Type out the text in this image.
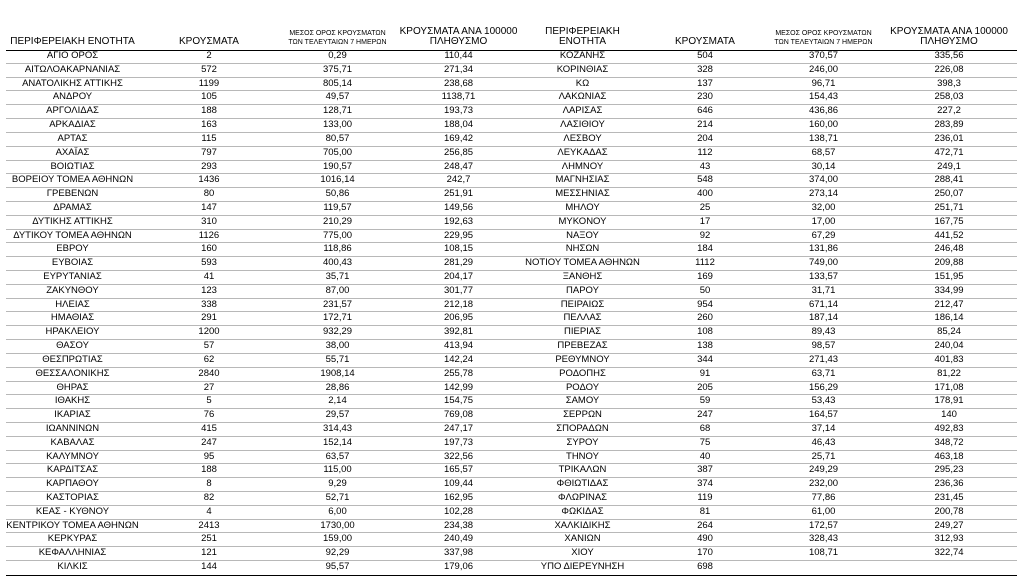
ΠΕΡΙΦΕΡΕΙΑΚΗ ΕΝΟΤΗΤΑ	ΚΡΟΥΣΜΑΤΑ	ΜΕΣΟΣ ΟΡΟΣ ΚΡΟΥΣΜΑΤΩΝ
ΤΩΝ ΤΕΛΕΥΤΑΙΩΝ 7 ΗΜΕΡΩΝ	ΚΡΟΥΣΜΑΤΑ ΑΝΑ 100000
ΠΛΗΘΥΣΜΟ	ΠΕΡΙΦΕΡΕΙΑΚΗ ΕΝΟΤΗΤΑ	ΚΡΟΥΣΜΑΤΑ	ΜΕΣΟΣ ΟΡΟΣ ΚΡΟΥΣΜΑΤΩΝ
ΤΩΝ ΤΕΛΕΥΤΑΙΩΝ 7 ΗΜΕΡΩΝ	ΚΡΟΥΣΜΑΤΑ ΑΝΑ 100000
ΠΛΗΘΥΣΜΟ
ΑΓΙΟ ΟΡΟΣ	2	0,29	110,44	ΚΟΖΑΝΗΣ	504	370,57	335,56
ΑΙΤΩΛΟΑΚΑΡΝΑΝΙΑΣ	572	375,71	271,34	ΚΟΡΙΝΘΙΑΣ	328	246,00	226,08
ΑΝΑΤΟΛΙΚΗΣ ΑΤΤΙΚΗΣ	1199	805,14	238,68	ΚΩ	137	96,71	398,3
ΑΝΔΡΟΥ	105	49,57	1138,71	ΛΑΚΩΝΙΑΣ	230	154,43	258,03
ΑΡΓΟΛΙΔΑΣ	188	128,71	193,73	ΛΑΡΙΣΑΣ	646	436,86	227,2
ΑΡΚΑΔΙΑΣ	163	133,00	188,04	ΛΑΣΙΘΙΟΥ	214	160,00	283,89
ΑΡΤΑΣ	115	80,57	169,42	ΛΕΣΒΟΥ	204	138,71	236,01
ΑΧΑΪΑΣ	797	705,00	256,85	ΛΕΥΚΑΔΑΣ	112	68,57	472,71
ΒΟΙΩΤΙΑΣ	293	190,57	248,47	ΛΗΜΝΟΥ	43	30,14	249,1
ΒΟΡΕΙΟΥ ΤΟΜΕΑ ΑΘΗΝΩΝ	1436	1016,14	242,7	ΜΑΓΝΗΣΙΑΣ	548	374,00	288,41
ΓΡΕΒΕΝΩΝ	80	50,86	251,91	ΜΕΣΣΗΝΙΑΣ	400	273,14	250,07
ΔΡΑΜΑΣ	147	119,57	149,56	ΜΗΛΟΥ	25	32,00	251,71
ΔΥΤΙΚΗΣ ΑΤΤΙΚΗΣ	310	210,29	192,63	ΜΥΚΟΝΟΥ	17	17,00	167,75
ΔΥΤΙΚΟΥ ΤΟΜΕΑ ΑΘΗΝΩΝ	1126	775,00	229,95	ΝΑΞΟΥ	92	67,29	441,52
ΕΒΡΟΥ	160	118,86	108,15	ΝΗΣΩΝ	184	131,86	246,48
ΕΥΒΟΙΑΣ	593	400,43	281,29	ΝΟΤΙΟΥ ΤΟΜΕΑ ΑΘΗΝΩΝ	1112	749,00	209,88
ΕΥΡΥΤΑΝΙΑΣ	41	35,71	204,17	ΞΑΝΘΗΣ	169	133,57	151,95
ΖΑΚΥΝΘΟΥ	123	87,00	301,77	ΠΑΡΟΥ	50	31,71	334,99
ΗΛΕΙΑΣ	338	231,57	212,18	ΠΕΙΡΑΙΩΣ	954	671,14	212,47
ΗΜΑΘΙΑΣ	291	172,71	206,95	ΠΕΛΛΑΣ	260	187,14	186,14
ΗΡΑΚΛΕΙΟΥ	1200	932,29	392,81	ΠΙΕΡΙΑΣ	108	89,43	85,24
ΘΑΣΟΥ	57	38,00	413,94	ΠΡΕΒΕΖΑΣ	138	98,57	240,04
ΘΕΣΠΡΩΤΙΑΣ	62	55,71	142,24	ΡΕΘΥΜΝΟΥ	344	271,43	401,83
ΘΕΣΣΑΛΟΝΙΚΗΣ	2840	1908,14	255,78	ΡΟΔΟΠΗΣ	91	63,71	81,22
ΘΗΡΑΣ	27	28,86	142,99	ΡΟΔΟΥ	205	156,29	171,08
ΙΘΑΚΗΣ	5	2,14	154,75	ΣΑΜΟΥ	59	53,43	178,91
ΙΚΑΡΙΑΣ	76	29,57	769,08	ΣΕΡΡΩΝ	247	164,57	140
ΙΩΑΝΝΙΝΩΝ	415	314,43	247,17	ΣΠΟΡΑΔΩΝ	68	37,14	492,83
ΚΑΒΑΛΑΣ	247	152,14	197,73	ΣΥΡΟΥ	75	46,43	348,72
ΚΑΛΥΜΝΟΥ	95	63,57	322,56	ΤΗΝΟΥ	40	25,71	463,18
ΚΑΡΔΙΤΣΑΣ	188	115,00	165,57	ΤΡΙΚΑΛΩΝ	387	249,29	295,23
ΚΑΡΠΑΘΟΥ	8	9,29	109,44	ΦΘΙΩΤΙΔΑΣ	374	232,00	236,36
ΚΑΣΤΟΡΙΑΣ	82	52,71	162,95	ΦΛΩΡΙΝΑΣ	119	77,86	231,45
ΚΕΑΣ - ΚΥΘΝΟΥ	4	6,00	102,28	ΦΩΚΙΔΑΣ	81	61,00	200,78
ΚΕΝΤΡΙΚΟΥ ΤΟΜΕΑ ΑΘΗΝΩΝ	2413	1730,00	234,38	ΧΑΛΚΙΔΙΚΗΣ	264	172,57	249,27
ΚΕΡΚΥΡΑΣ	251	159,00	240,49	ΧΑΝΙΩΝ	490	328,43	312,93
ΚΕΦΑΛΛΗΝΙΑΣ	121	92,29	337,98	ΧΙΟΥ	170	108,71	322,74
ΚΙΛΚΙΣ	144	95,57	179,06	ΥΠΟ ΔΙΕΡΕΥΝΗΣΗ	698		
